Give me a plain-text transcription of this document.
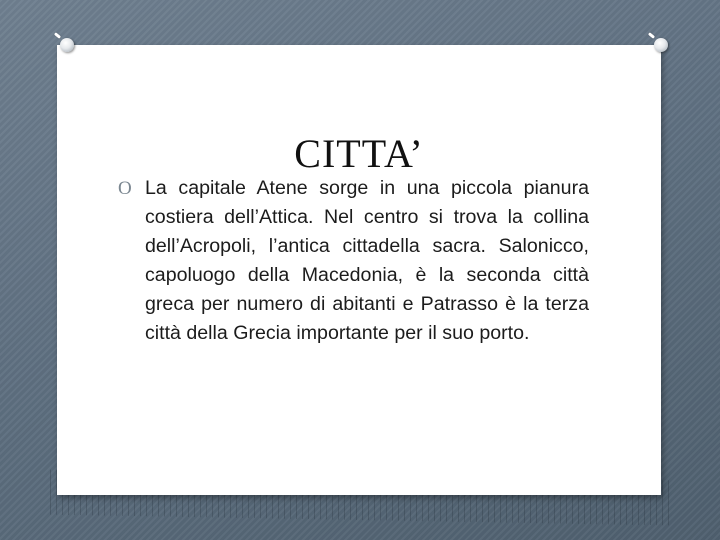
CITTA’
O La capitale Atene sorge in una piccola pianura costiera dell’Attica. Nel centro si trova la collina dell’Acropoli, l’antica cittadella sacra. Salonicco, capoluogo della Macedonia, è la seconda città greca per numero di abitanti e Patrasso è la terza città della Grecia importante per il suo porto.
